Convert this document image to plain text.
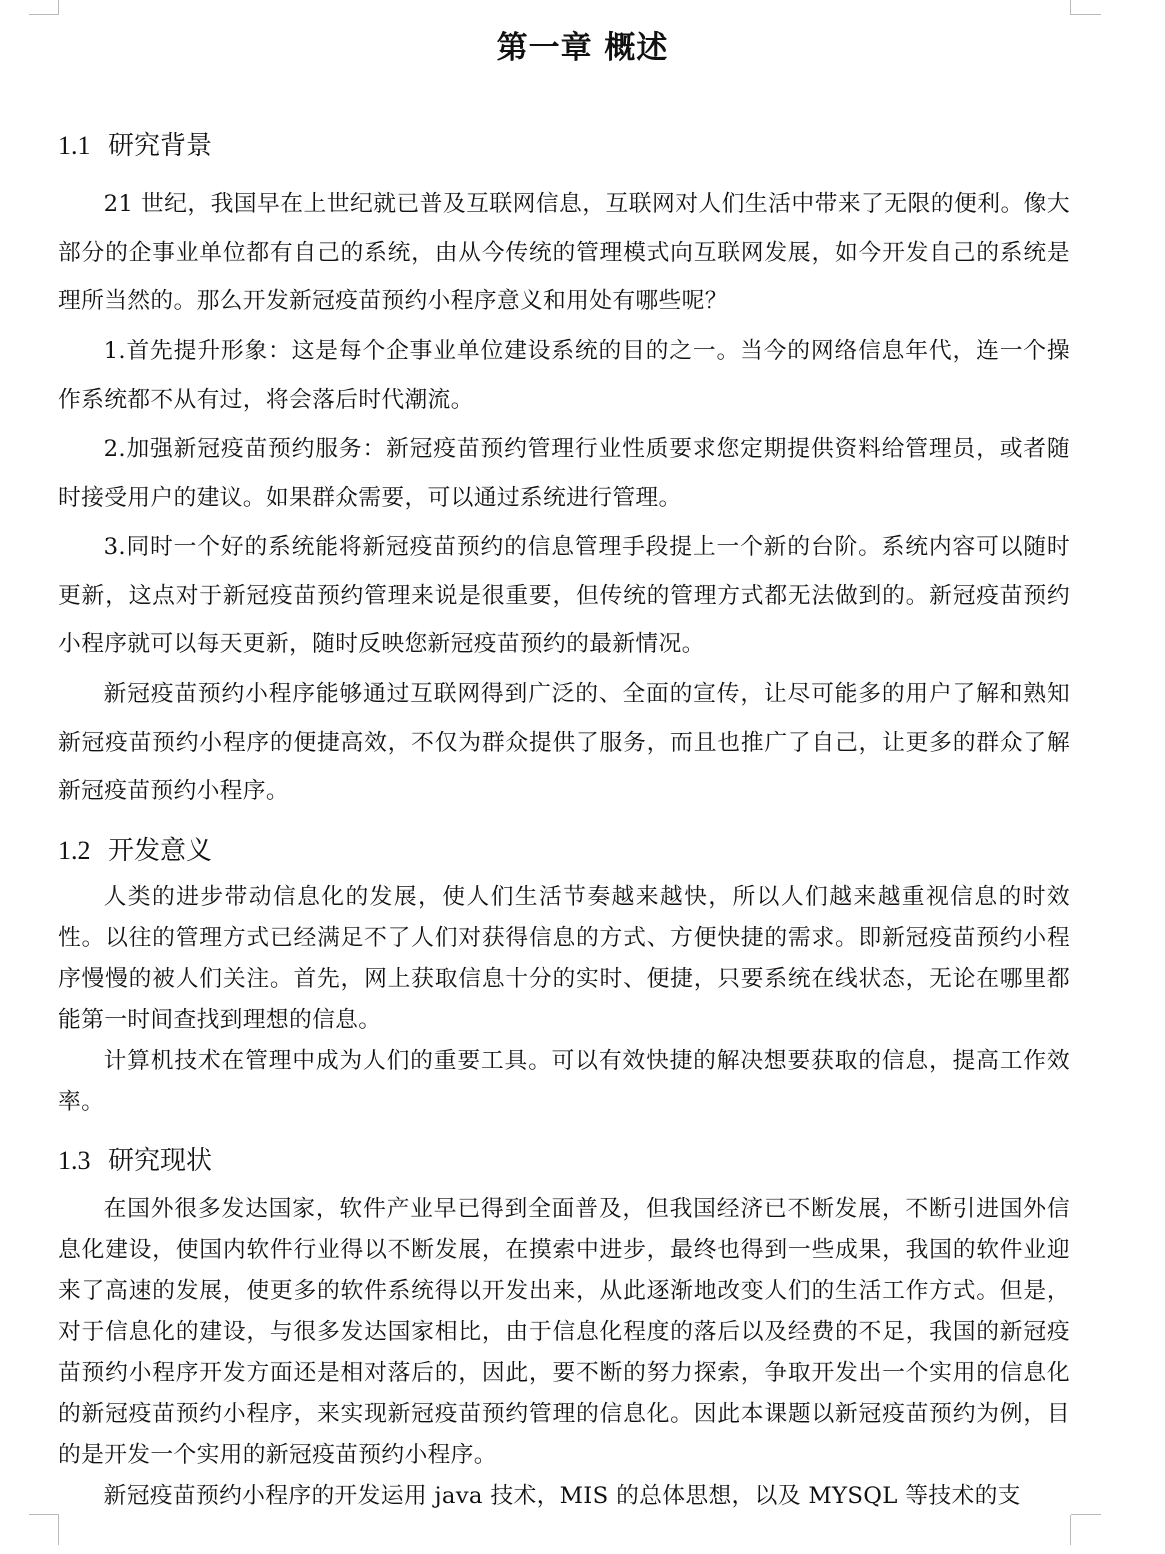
第一章 概述
1.1 研究背景

21 世纪，我国早在上世纪就已普及互联网信息，互联网对人们生活中带来了无限的便利。像大部分的企事业单位都有自己的系统，由从今传统的管理模式向互联网发展，如今开发自己的系统是理所当然的。那么开发新冠疫苗预约小程序意义和用处有哪些呢？

1.首先提升形象：这是每个企事业单位建设系统的目的之一。当今的网络信息年代，连一个操作系统都不从有过，将会落后时代潮流。

2.加强新冠疫苗预约服务：新冠疫苗预约管理行业性质要求您定期提供资料给管理员，或者随时接受用户的建议。如果群众需要，可以通过系统进行管理。

3.同时一个好的系统能将新冠疫苗预约的信息管理手段提上一个新的台阶。系统内容可以随时更新，这点对于新冠疫苗预约管理来说是很重要，但传统的管理方式都无法做到的。新冠疫苗预约小程序就可以每天更新，随时反映您新冠疫苗预约的最新情况。

新冠疫苗预约小程序能够通过互联网得到广泛的、全面的宣传，让尽可能多的用户了解和熟知新冠疫苗预约小程序的便捷高效，不仅为群众提供了服务，而且也推广了自己，让更多的群众了解新冠疫苗预约小程序。

1.2 开发意义

人类的进步带动信息化的发展，使人们生活节奏越来越快，所以人们越来越重视信息的时效性。以往的管理方式已经满足不了人们对获得信息的方式、方便快捷的需求。即新冠疫苗预约小程序慢慢的被人们关注。首先，网上获取信息十分的实时、便捷，只要系统在线状态，无论在哪里都能第一时间查找到理想的信息。

计算机技术在管理中成为人们的重要工具。可以有效快捷的解决想要获取的信息，提高工作效率。

1.3 研究现状

在国外很多发达国家，软件产业早已得到全面普及，但我国经济已不断发展，不断引进国外信息化建设，使国内软件行业得以不断发展，在摸索中进步，最终也得到一些成果，我国的软件业迎来了高速的发展，使更多的软件系统得以开发出来，从此逐渐地改变人们的生活工作方式。但是，对于信息化的建设，与很多发达国家相比，由于信息化程度的落后以及经费的不足，我国的新冠疫苗预约小程序开发方面还是相对落后的，因此，要不断的努力探索，争取开发出一个实用的信息化的新冠疫苗预约小程序，来实现新冠疫苗预约管理的信息化。因此本课题以新冠疫苗预约为例，目的是开发一个实用的新冠疫苗预约小程序。

新冠疫苗预约小程序的开发运用 java 技术，MIS 的总体思想，以及 MYSQL 等技术的支
